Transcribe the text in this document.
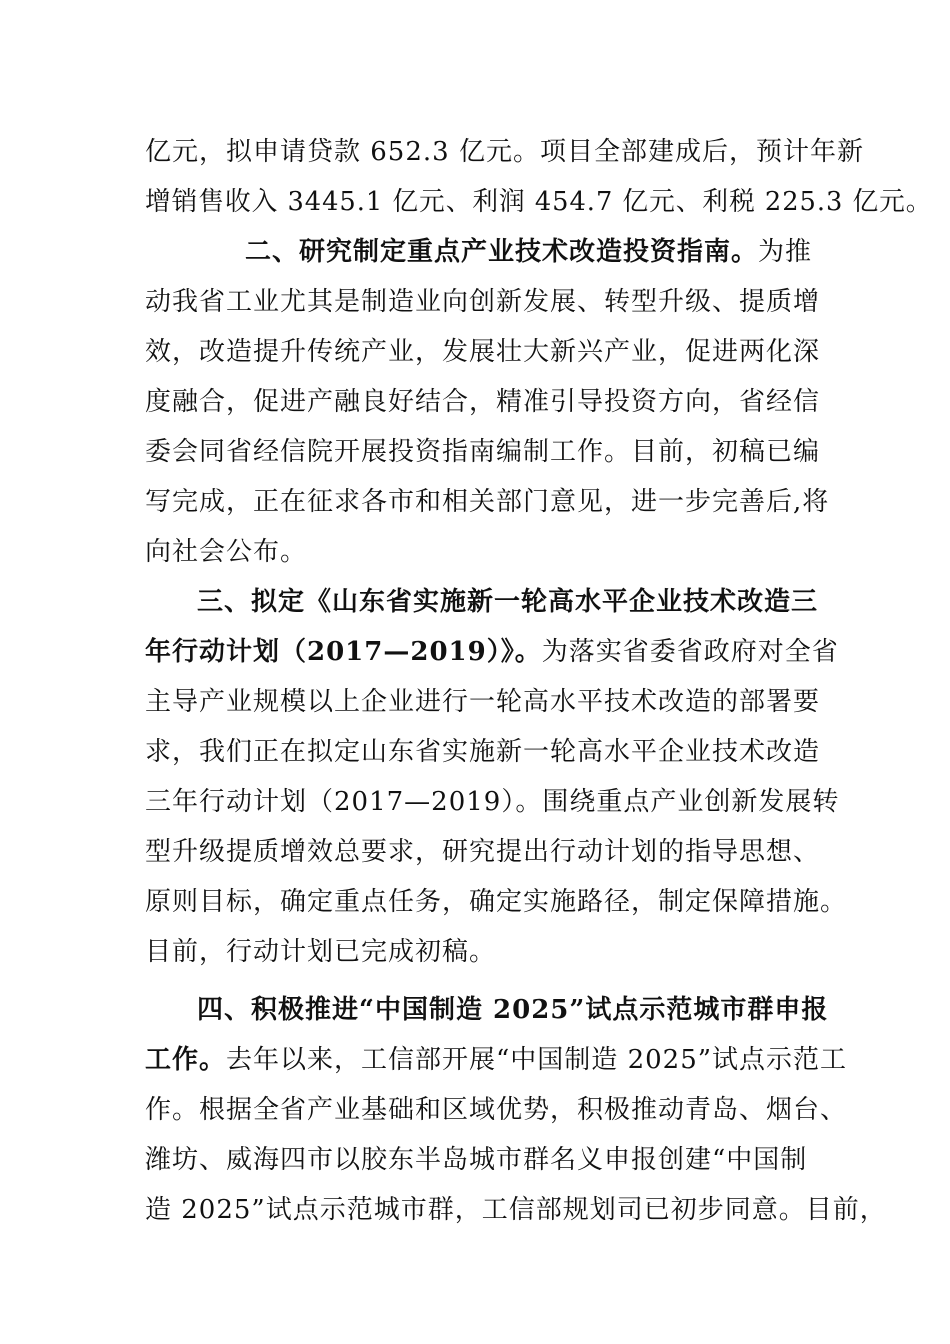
亿元，拟申请贷款 652.3 亿元。项目全部建成后，预计年新
增销售收入 3445.1 亿元、利润 454.7 亿元、利税 225.3 亿元。
二、研究制定重点产业技术改造投资指南。为推
动我省工业尤其是制造业向创新发展、转型升级、提质增
效，改造提升传统产业，发展壮大新兴产业，促进两化深
度融合，促进产融良好结合，精准引导投资方向，省经信
委会同省经信院开展投资指南编制工作。目前，初稿已编
写完成，正在征求各市和相关部门意见，进一步完善后,将
向社会公布。
三、拟定《山东省实施新一轮高水平企业技术改造三
年行动计划（2017—2019）》。为落实省委省政府对全省
主导产业规模以上企业进行一轮高水平技术改造的部署要
求，我们正在拟定山东省实施新一轮高水平企业技术改造
三年行动计划（2017—2019）。围绕重点产业创新发展转
型升级提质增效总要求，研究提出行动计划的指导思想、
原则目标，确定重点任务，确定实施路径，制定保障措施。
目前，行动计划已完成初稿。
四、积极推进“中国制造 2025”试点示范城市群申报
工作。去年以来，工信部开展“中国制造 2025”试点示范工
作。根据全省产业基础和区域优势，积极推动青岛、烟台、
潍坊、威海四市以胶东半岛城市群名义申报创建“中国制
造 2025”试点示范城市群，工信部规划司已初步同意。目前，
